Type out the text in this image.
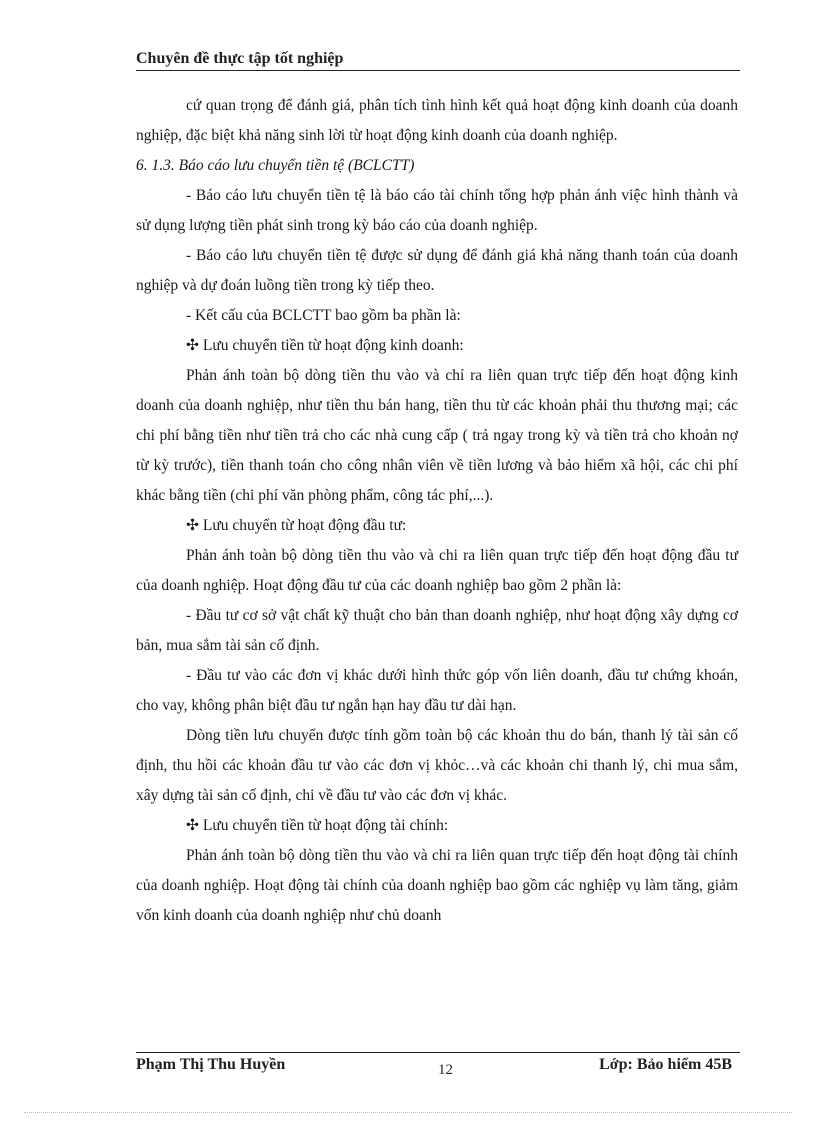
Chuyên đề thực tập tốt nghiệp

cứ quan trọng để đánh giá, phân tích tình hình kết quả hoạt động kinh doanh của doanh nghiệp, đặc biệt khả năng sinh lời từ hoạt động kinh doanh của doanh nghiệp.

6. 1.3. Báo cáo lưu chuyển tiền tệ (BCLCTT)

- Báo cáo lưu chuyển tiền tệ là báo cáo tài chính tổng hợp phản ánh việc hình thành và sử dụng lượng tiền phát sinh trong kỳ báo cáo của doanh nghiệp.

- Báo cáo lưu chuyển tiền tệ được sử dụng để đánh giá khả năng thanh toán của doanh nghiệp và dự đoán luồng tiền trong kỳ tiếp theo.

- Kết cấu của BCLCTT bao gồm ba phần là:

✣ Lưu chuyển tiền từ hoạt động kinh doanh:

Phản ánh toàn bộ dòng tiền thu vào và chỉ ra liên quan trực tiếp đến hoạt động kinh doanh của doanh nghiệp, như tiền thu bán hang, tiền thu từ các khoản phải thu thương mại; các chi phí bằng tiền như tiền trả cho các nhà cung cấp ( trả ngay trong kỳ và tiền trả cho khoản nợ từ kỳ trước), tiền thanh toán cho công nhân viên về tiền lương và bảo hiểm xã hội, các chi phí khác bằng tiền (chi phí văn phòng phẩm, công tác phí,...).

✣ Lưu chuyển từ hoạt động đầu tư:

Phản ánh toàn bộ dòng tiền thu vào và chi ra liên quan trực tiếp đến hoạt động đầu tư của doanh nghiệp. Hoạt động đầu tư của các doanh nghiệp bao gồm 2 phần là:

- Đầu tư cơ sở vật chất kỹ thuật cho bản than doanh nghiệp, như hoạt động xây dựng cơ bản, mua sắm tài sản cố định.

- Đầu tư vào các đơn vị khác dưới hình thức góp vốn liên doanh, đầu tư chứng khoán, cho vay, không phân biệt đầu tư ngắn hạn hay đầu tư dài hạn.

Dòng tiền lưu chuyển được tính gồm toàn bộ các khoản thu do bán, thanh lý tài sản cố định, thu hồi các khoản đầu tư vào các đơn vị khỏc…và các khoản chi thanh lý, chi mua sắm, xây dựng tài sản cố định, chi về đầu tư vào các đơn vị khác.

✣ Lưu chuyển tiền từ hoạt động tài chính:

Phản ánh toàn bộ dòng tiền thu vào và chi ra liên quan trực tiếp đến hoạt động tài chính của doanh nghiệp. Hoạt động tài chính của doanh nghiệp bao gồm các nghiệp vụ làm tăng, giảm vốn kinh doanh của doanh nghiệp như chủ doanh

Phạm Thị Thu Huyền	12	Lớp: Bảo hiểm 45B
